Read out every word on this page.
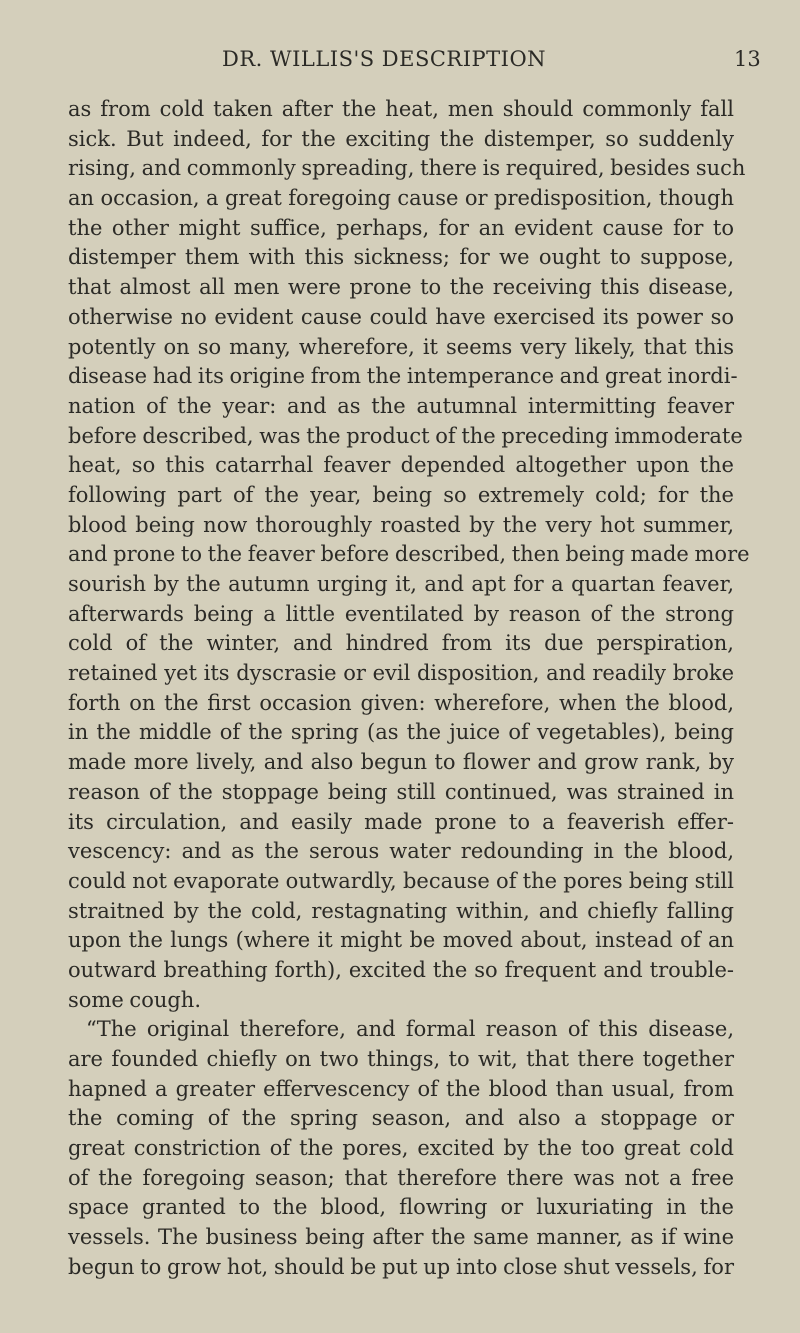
DR. WILLIS'S DESCRIPTION	13
as from cold taken after the heat, men should commonly fall
sick. But indeed, for the exciting the distemper, so suddenly
rising, and commonly spreading, there is required, besides such
an occasion, a great foregoing cause or predisposition, though
the other might suffice, perhaps, for an evident cause for to
distemper them with this sickness; for we ought to suppose,
that almost all men were prone to the receiving this disease,
otherwise no evident cause could have exercised its power so
potently on so many, wherefore, it seems very likely, that this
disease had its origine from the intemperance and great inordi-
nation of the year: and as the autumnal intermitting feaver
before described, was the product of the preceding immoderate
heat, so this catarrhal feaver depended altogether upon the
following part of the year, being so extremely cold; for the
blood being now thoroughly roasted by the very hot summer,
and prone to the feaver before described, then being made more
sourish by the autumn urging it, and apt for a quartan feaver,
afterwards being a little eventilated by reason of the strong
cold of the winter, and hindred from its due perspiration,
retained yet its dyscrasie or evil disposition, and readily broke
forth on the first occasion given: wherefore, when the blood,
in the middle of the spring (as the juice of vegetables), being
made more lively, and also begun to flower and grow rank, by
reason of the stoppage being still continued, was strained in
its circulation, and easily made prone to a feaverish effer-
vescency: and as the serous water redounding in the blood,
could not evaporate outwardly, because of the pores being still
straitned by the cold, restagnating within, and chiefly falling
upon the lungs (where it might be moved about, instead of an
outward breathing forth), excited the so frequent and trouble-
some cough.
“The original therefore, and formal reason of this disease,
are founded chiefly on two things, to wit, that there together
hapned a greater effervescency of the blood than usual, from
the coming of the spring season, and also a stoppage or
great constriction of the pores, excited by the too great cold
of the foregoing season; that therefore there was not a free
space granted to the blood, flowring or luxuriating in the
vessels. The business being after the same manner, as if wine
begun to grow hot, should be put up into close shut vessels, for
